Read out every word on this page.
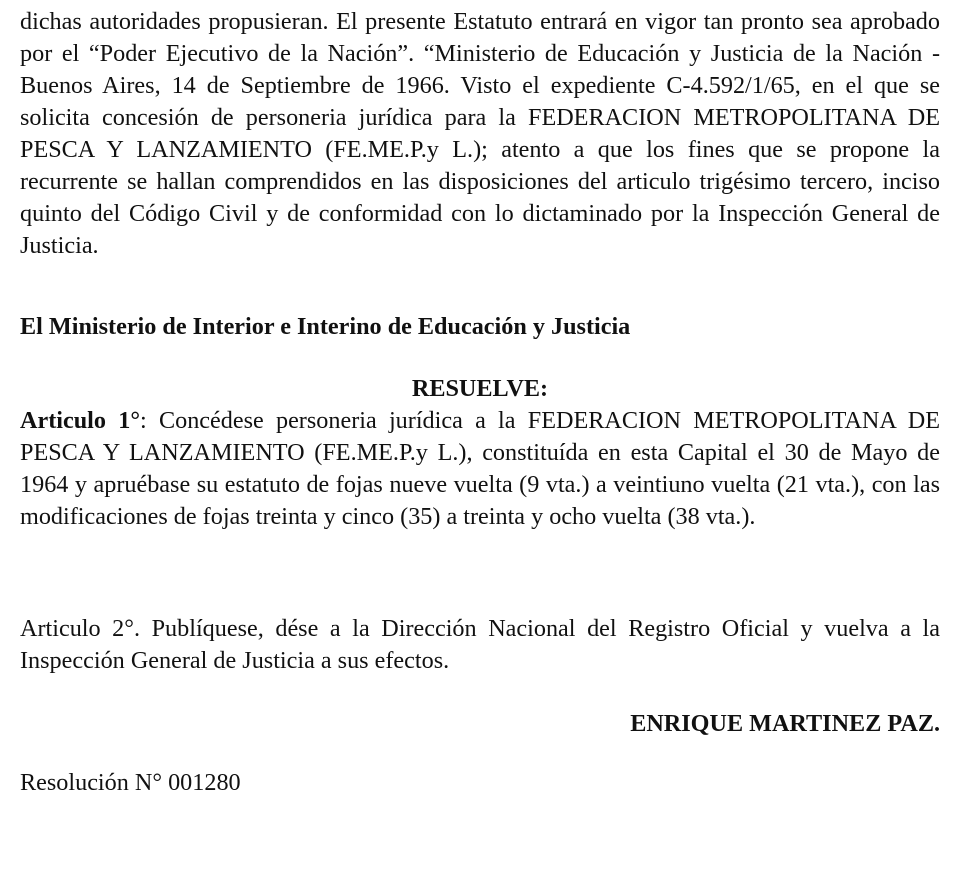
dichas autoridades propusieran. El presente Estatuto entrará en vigor tan pronto sea aprobado por el “Poder Ejecutivo de la Nación”. “Ministerio de Educación y Justicia de la Nación - Buenos Aires, 14 de Septiembre de 1966. Visto el expediente C-4.592/1/65, en el que se solicita concesión de personeria jurídica para la FEDERACION METROPOLITANA DE PESCA Y LANZAMIENTO (FE.ME.P.y L.); atento a que los fines que se propone la recurrente se hallan comprendidos en las disposiciones del articulo trigésimo tercero, inciso quinto del Código Civil y de conformidad con lo dictaminado por la Inspección General de Justicia.

El Ministerio de Interior e Interino de Educación y Justicia

RESUELVE:

Articulo 1°: Concédese personeria jurídica a la FEDERACION METROPOLITANA DE PESCA Y LANZAMIENTO (FE.ME.P.y L.), constituída en esta Capital el 30 de Mayo de 1964 y apruébase su estatuto de fojas nueve vuelta (9 vta.) a veintiuno vuelta (21 vta.), con las modificaciones de fojas treinta y cinco (35) a treinta y ocho vuelta (38 vta.).

Articulo 2°. Publíquese, dése a la Dirección Nacional del Registro Oficial y vuelva a la Inspección General de Justicia a sus efectos.

ENRIQUE MARTINEZ PAZ.

Resolución N° 001280
